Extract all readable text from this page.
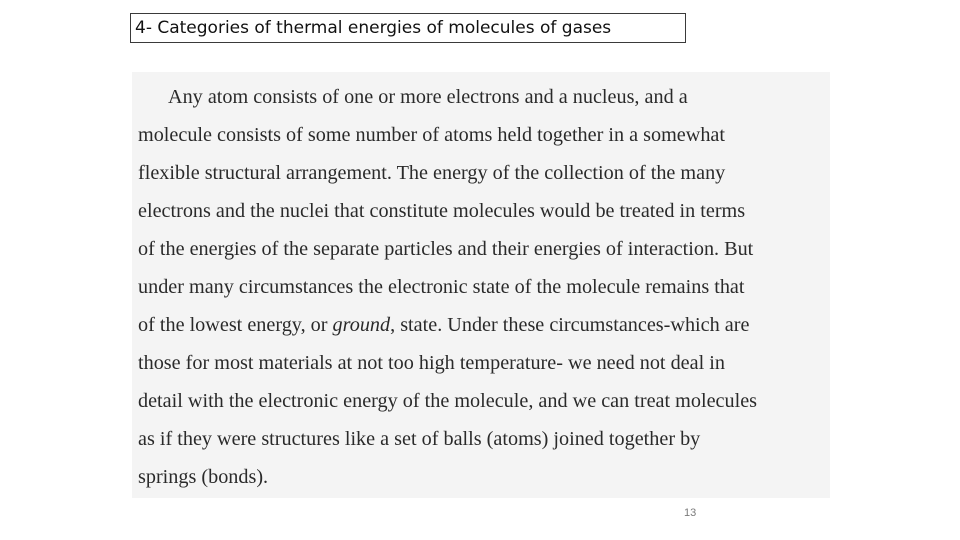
4- Categories of thermal energies of molecules of gases

Any atom consists of one or more electrons and a nucleus, and a
molecule consists of some number of atoms held together in a somewhat
flexible structural arrangement. The energy of the collection of the many
electrons and the nuclei that constitute molecules would be treated in terms
of the energies of the separate particles and their energies of interaction. But
under many circumstances the electronic state of the molecule remains that
of the lowest energy, or ground, state. Under these circumstances-which are
those for most materials at not too high temperature- we need not deal in
detail with the electronic energy of the molecule, and we can treat molecules
as if they were structures like a set of balls (atoms) joined together by
springs (bonds).

13
